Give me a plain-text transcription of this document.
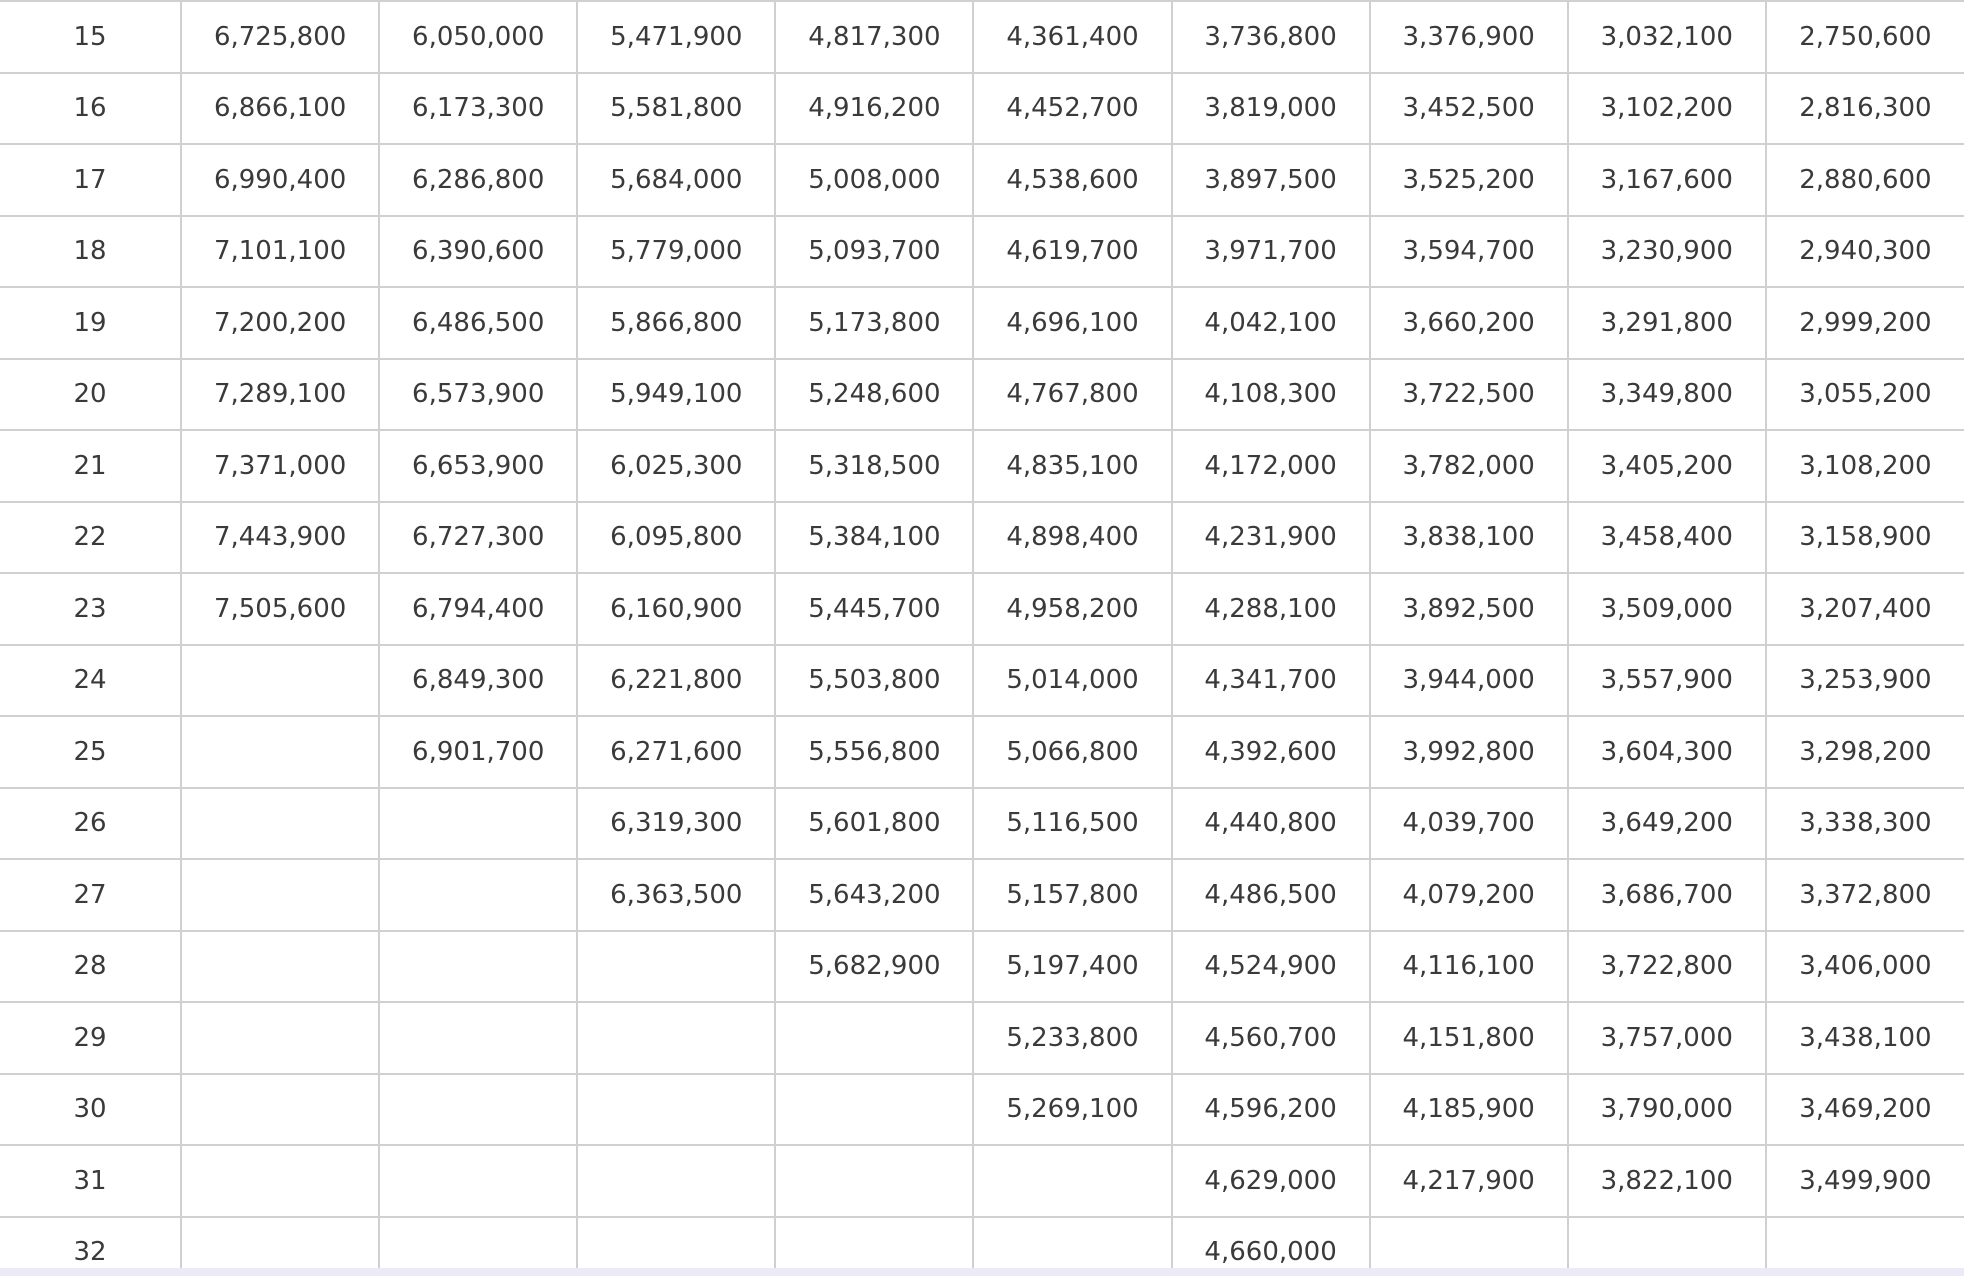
15	6,725,800	6,050,000	5,471,900	4,817,300	4,361,400	3,736,800	3,376,900	3,032,100	2,750,600
16	6,866,100	6,173,300	5,581,800	4,916,200	4,452,700	3,819,000	3,452,500	3,102,200	2,816,300
17	6,990,400	6,286,800	5,684,000	5,008,000	4,538,600	3,897,500	3,525,200	3,167,600	2,880,600
18	7,101,100	6,390,600	5,779,000	5,093,700	4,619,700	3,971,700	3,594,700	3,230,900	2,940,300
19	7,200,200	6,486,500	5,866,800	5,173,800	4,696,100	4,042,100	3,660,200	3,291,800	2,999,200
20	7,289,100	6,573,900	5,949,100	5,248,600	4,767,800	4,108,300	3,722,500	3,349,800	3,055,200
21	7,371,000	6,653,900	6,025,300	5,318,500	4,835,100	4,172,000	3,782,000	3,405,200	3,108,200
22	7,443,900	6,727,300	6,095,800	5,384,100	4,898,400	4,231,900	3,838,100	3,458,400	3,158,900
23	7,505,600	6,794,400	6,160,900	5,445,700	4,958,200	4,288,100	3,892,500	3,509,000	3,207,400
24		6,849,300	6,221,800	5,503,800	5,014,000	4,341,700	3,944,000	3,557,900	3,253,900
25		6,901,700	6,271,600	5,556,800	5,066,800	4,392,600	3,992,800	3,604,300	3,298,200
26			6,319,300	5,601,800	5,116,500	4,440,800	4,039,700	3,649,200	3,338,300
27			6,363,500	5,643,200	5,157,800	4,486,500	4,079,200	3,686,700	3,372,800
28				5,682,900	5,197,400	4,524,900	4,116,100	3,722,800	3,406,000
29					5,233,800	4,560,700	4,151,800	3,757,000	3,438,100
30					5,269,100	4,596,200	4,185,900	3,790,000	3,469,200
31						4,629,000	4,217,900	3,822,100	3,499,900
32						4,660,000			
